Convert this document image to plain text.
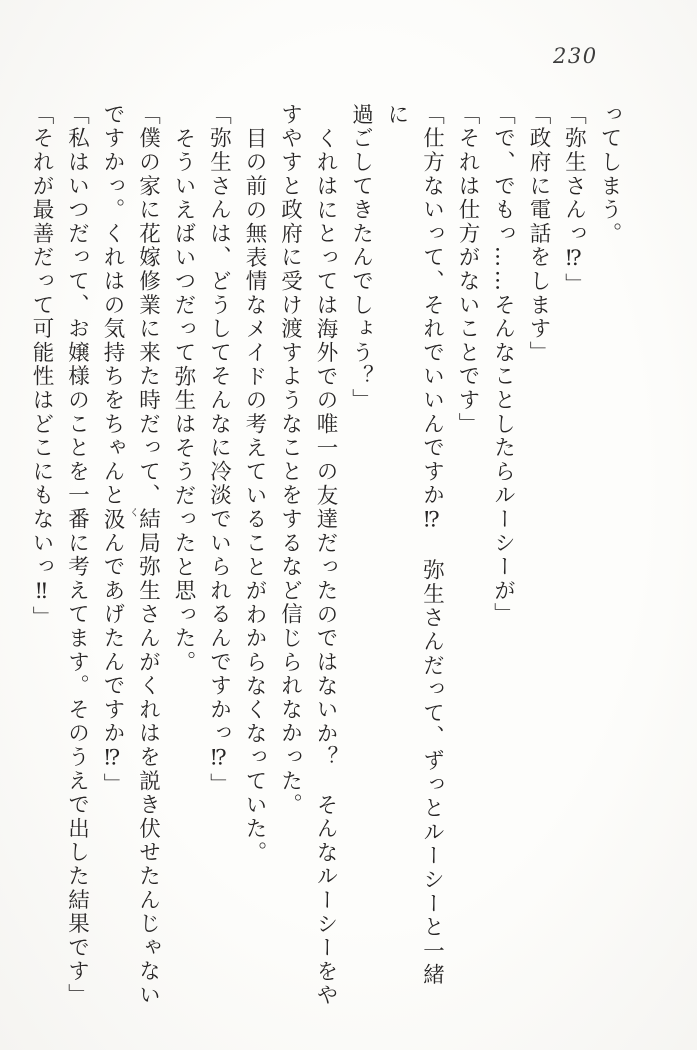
230
ってしまう。
「弥生さんっ⁉」
「政府に電話をします」
「で、でもっ……そんなことしたらルーシーが」
「それは仕方がないことです」
「仕方ないって、それでいいんですか⁉　弥生さんだって、ずっとルーシーと一緒に
過ごしてきたんでしょう？」
くれはにとっては海外での唯一の友達だったのではないか？　そんなルーシーをや
すやすと政府に受け渡すようなことをするなど信じられなかった。
目の前の無表情なメイドの考えていることがわからなくなっていた。
「弥生さんは、どうしてそんなに冷淡でいられるんですかっ⁉」
そういえばいつだって弥生はそうだったと思った。
「僕の家に花嫁修業に来た時だって、結局弥生さんがくれはを説き伏せたんじゃない
ですかっ。くれはの気持ちをちゃんと汲 く
んであげたんですか⁉」
「私はいつだって、お嬢様のことを一番に考えてます。そのうえで出した結果です」
「それが最善だって可能性はどこにもないっ‼」
